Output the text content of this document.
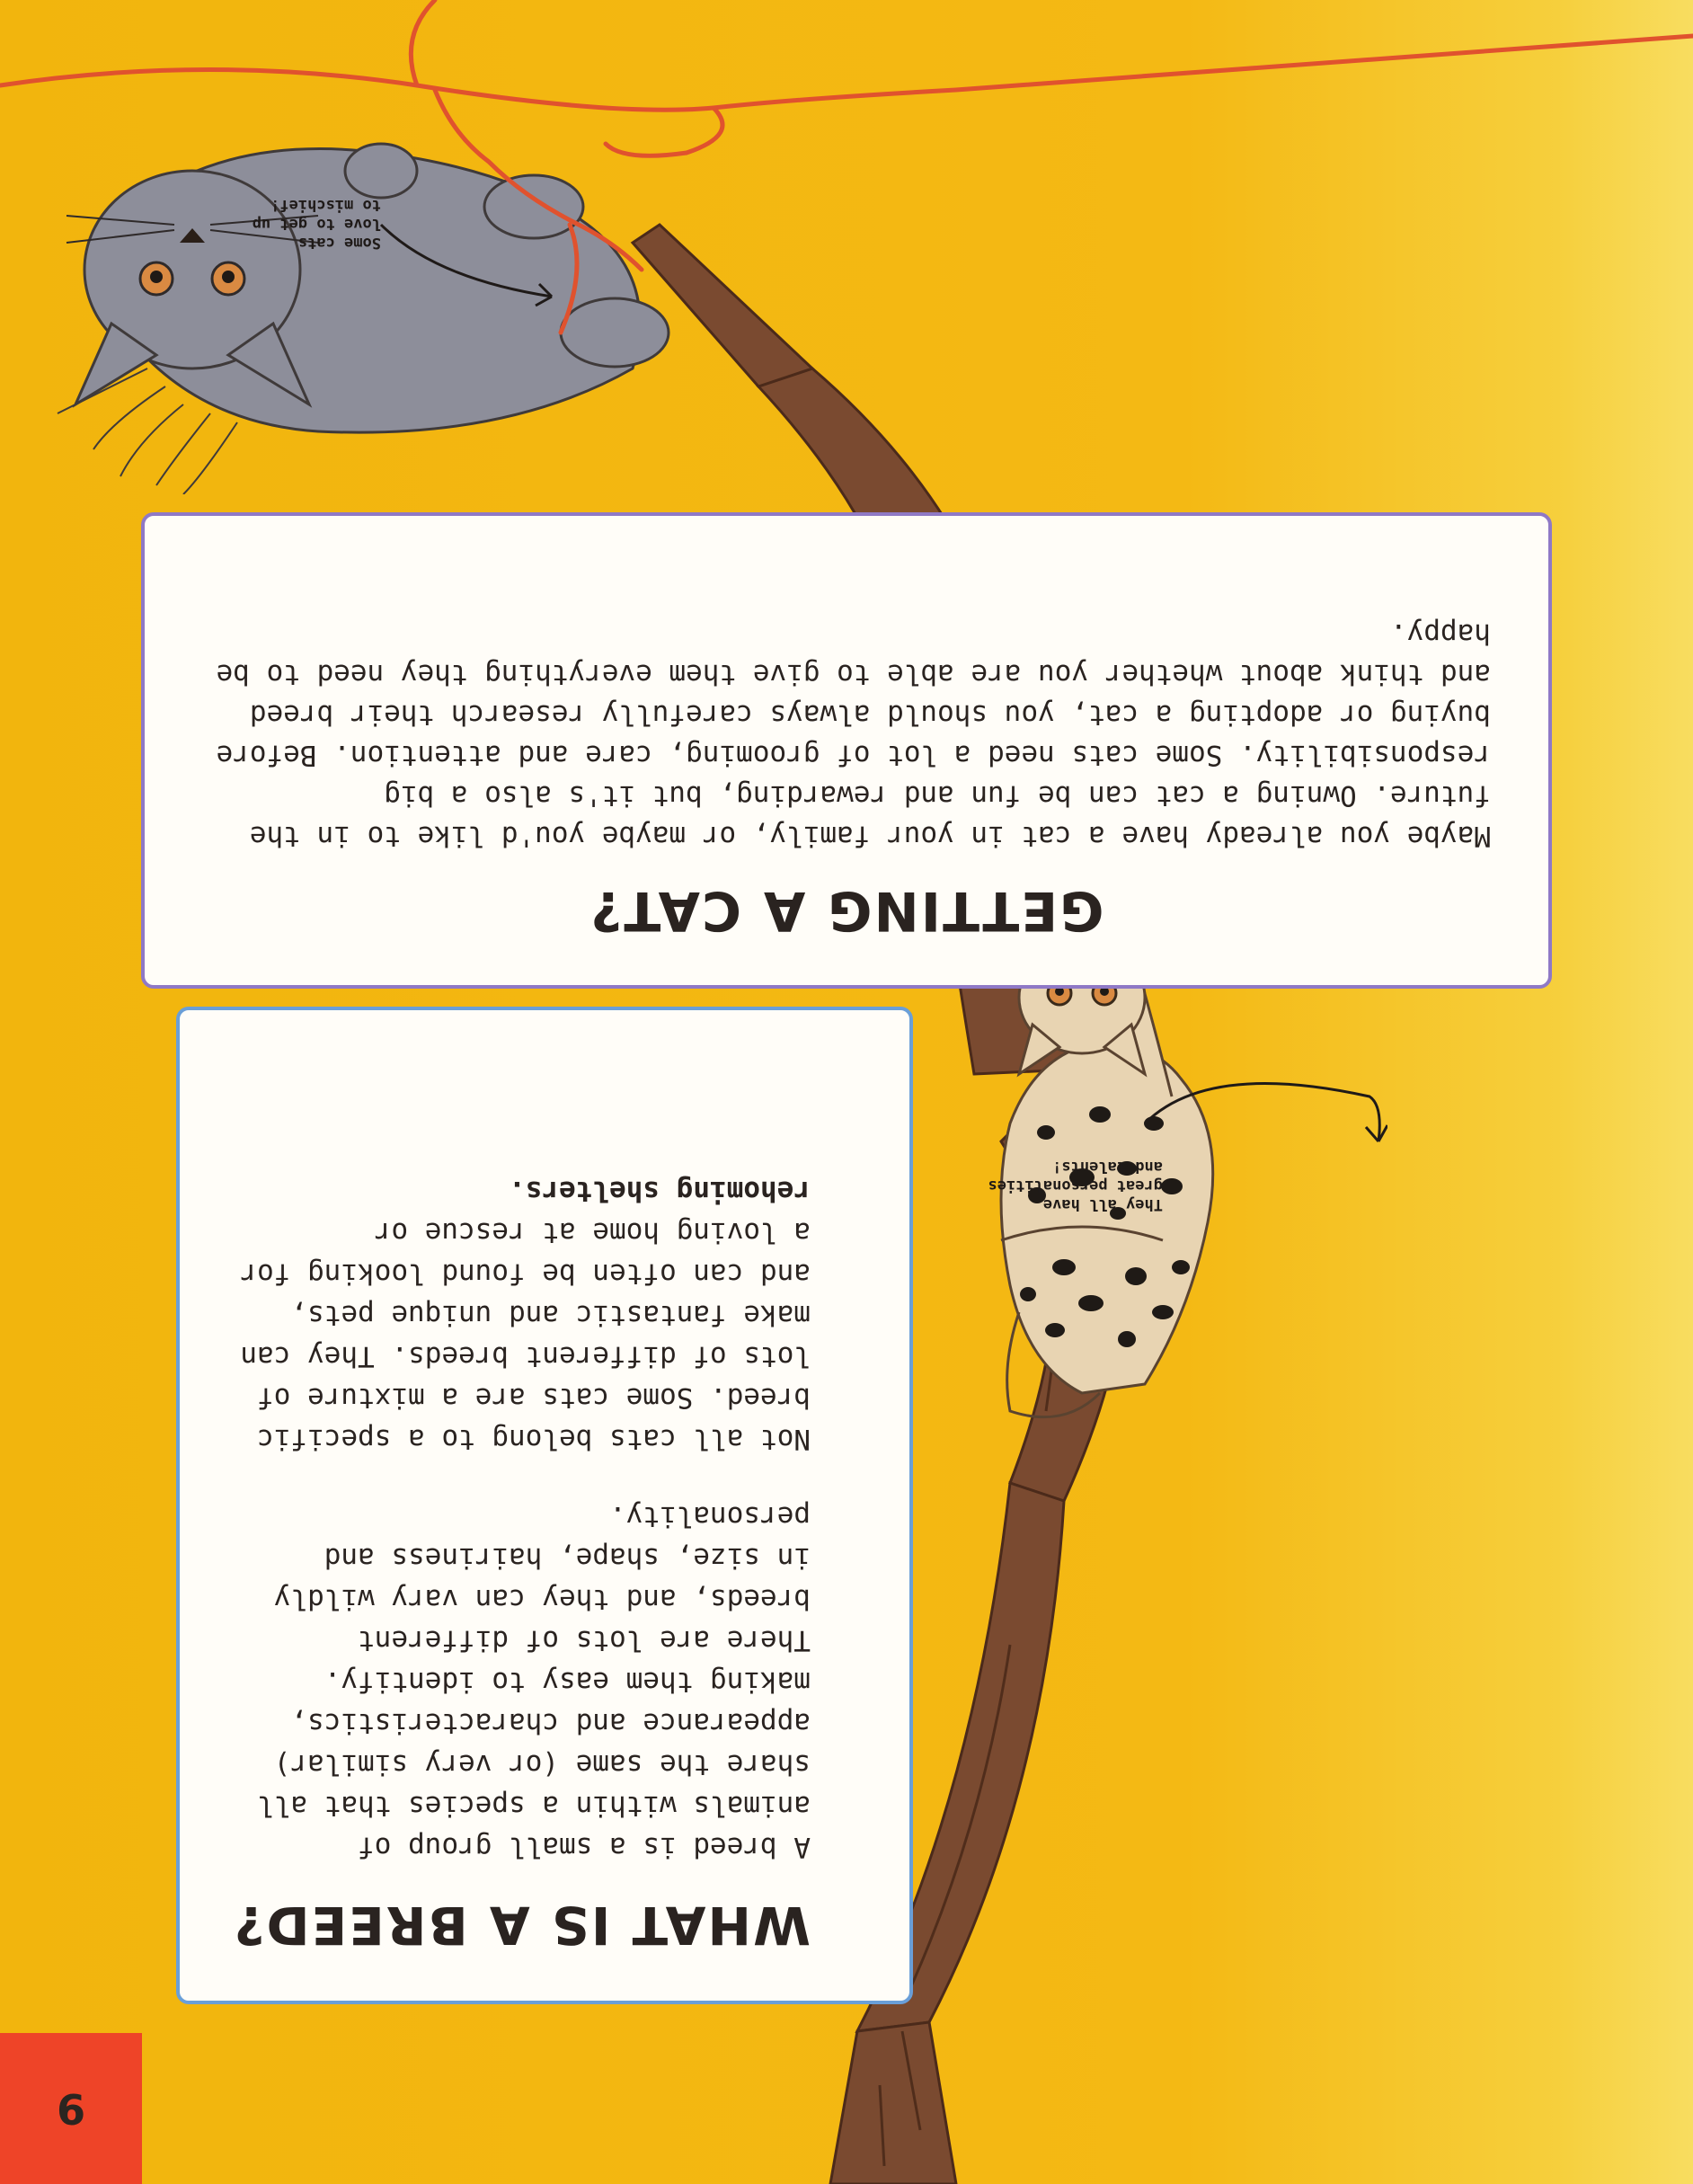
9
GETTING A CAT?

Maybe you already have a cat in your family, or maybe you'd like to in the future. Owning a cat can be fun and rewarding, but it's also a big responsibility. Some cats need a lot of grooming, care and attention. Before buying or adopting a cat, you should always carefully research their breed and think about whether you are able to give them everything they need to be happy.

WHAT IS A BREED?

A breed is a small group of animals within a species that all share the same (or very similar) appearance and characteristics, making them easy to identify. There are lots of different breeds, and they can vary wildly in size, shape, hairiness and personality.

Not all cats belong to a specific breed. Some cats are a mixture of lots of different breeds. They can make fantastic and unique pets, and can often be found looking for a loving home at rescue or rehoming shelters.

Some cats
love to get up
to mischief!
They all have
great personalities
and talents!
